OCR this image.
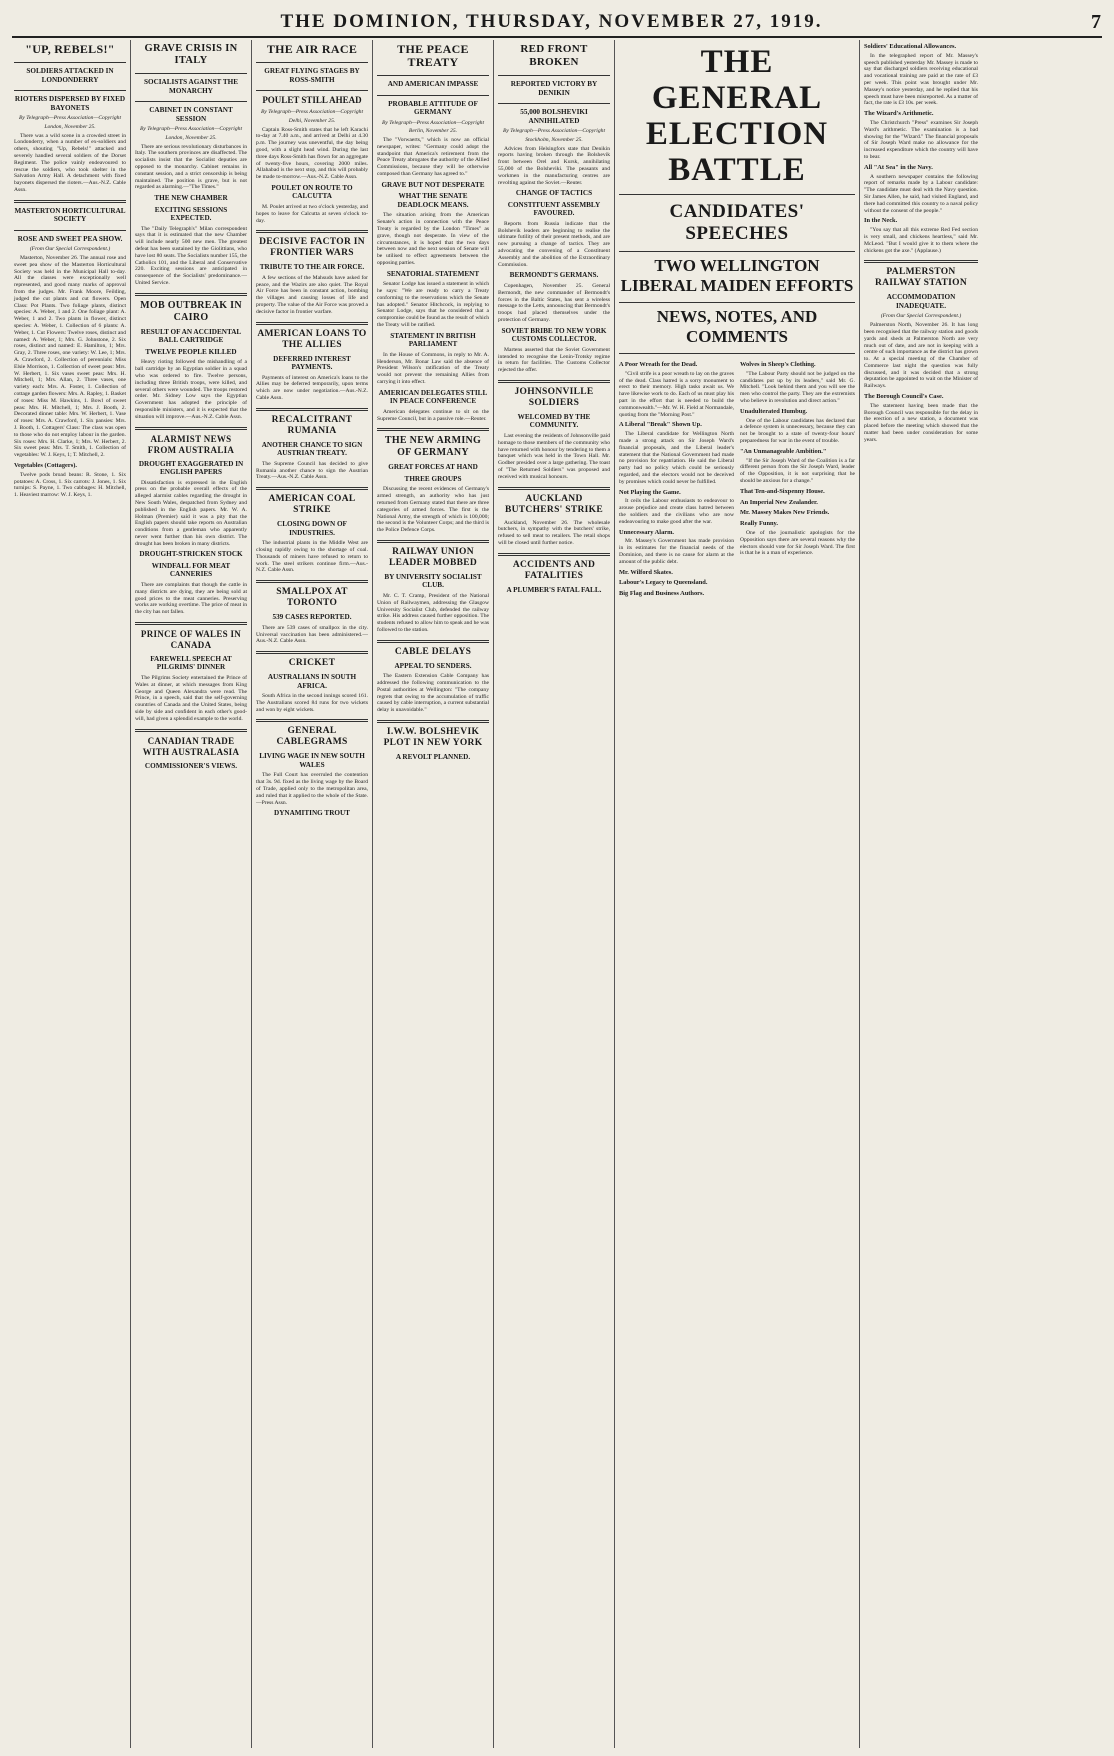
THE DOMINION, THURSDAY, NOVEMBER 27, 1919.	7
"UP, REBELS!"
SOLDIERS ATTACKED IN LONDONDERRY
RIOTERS DISPERSED BY FIXED BAYONETS
By Telegraph—Press Association—Copyright
London, November 25.

There was a wild scene in a crowded street in Londonderry, when a number of ex-soldiers and others, shouting "Up, Rebels!" attacked and severely handled several soldiers of the Dorset Regiment. The police vainly endeavoured to rescue the soldiers, who took shelter in the Salvation Army Hall. A detachment with fixed bayonets dispersed the rioters.—Aus.-N.Z. Cable Assn.

MASTERTON HORTICULTURAL SOCIETY
ROSE AND SWEET PEA SHOW.
(From Our Special Correspondent.)

Masterton, November 26. The annual rose and sweet pea show of the Masterton Horticultural Society was held in the Municipal Hall to-day. All the classes were exceptionally well represented, and good many marks of approval from the judges. Mr. Frank Moore, Feilding, judged the cut plants and cut flowers. Open Class: Pot Plants. Two foliage plants, distinct species: A. Weber, 1 and 2. One foliage plant: A. Weber, 1 and 2. Two plants in flower, distinct species: A. Weber, 1. Collection of 6 plants: A. Weber, 1. Cut Flowers: Twelve roses, distinct and named: A. Weber, 1; Mrs. G. Johnstone, 2. Six roses, distinct and named: E. Hamilton, 1; Mrs. Gray, 2. Three roses, one variety: W. Lee, 1; Mrs. A. Crawford, 2. Collection of perennials: Miss Elsie Morrison, 1. Collection of sweet peas: Mrs. W. Herbert, 1. Six vases sweet peas: Mrs. H. Mitchell, 1; Mrs. Allan, 2. Three vases, one variety each: Mrs. A. Foster, 1. Collection of cottage garden flowers: Mrs. A. Rapley, 1. Basket of roses: Miss M. Hawkins, 1. Bowl of sweet peas: Mrs. H. Mitchell, 1; Mrs. J. Booth, 2. Decorated dinner table: Mrs. W. Herbert, 1. Vase of roses: Mrs. A. Crawford, 1. Six pansies: Mrs. J. Booth, 1. Cottagers' Class: The class was open to those who do not employ labour in the garden. Six roses: Mrs. H. Clarke, 1; Mrs. W. Herbert, 2. Six sweet peas: Mrs. T. Smith, 1. Collection of vegetables: W. J. Keys, 1; T. Mitchell, 2.

Vegetables (Cottagers).

Twelve pods broad beans: R. Stone, 1. Six potatoes: A. Cross, 1. Six carrots: J. Jones, 1. Six turnips: S. Payne, 1. Two cabbages: H. Mitchell, 1. Heaviest marrow: W. J. Keys, 1.

GRAVE CRISIS IN ITALY
SOCIALISTS AGAINST THE MONARCHY
CABINET IN CONSTANT SESSION
By Telegraph—Press Association—Copyright
London, November 25.

There are serious revolutionary disturbances in Italy. The southern provinces are disaffected. The socialists insist that the Socialist deputies are opposed to the monarchy. Cabinet remains in constant session, and a strict censorship is being maintained. The position is grave, but is not regarded as alarming.—"The Times."

THE NEW CHAMBER
EXCITING SESSIONS EXPECTED.

The "Daily Telegraph's" Milan correspondent says that it is estimated that the new Chamber will include nearly 500 new men. The greatest defeat has been sustained by the Giolittians, who have lost 80 seats. The Socialists number 155, the Catholics 101, and the Liberal and Conservative 220. Exciting sessions are anticipated in consequence of the Socialists' predominance.—United Service.

MOB OUTBREAK IN CAIRO
RESULT OF AN ACCIDENTAL BALL CARTRIDGE
TWELVE PEOPLE KILLED

Heavy rioting followed the mishandling of a ball cartridge by an Egyptian soldier in a squad who was ordered to fire. Twelve persons, including three British troops, were killed, and several others were wounded. The troops restored order. Mr. Sidney Low says the Egyptian Government has adopted the principle of responsible ministers, and it is expected that the situation will improve.—Aus.-N.Z. Cable Assn.

ALARMIST NEWS FROM AUSTRALIA
DROUGHT EXAGGERATED IN ENGLISH PAPERS

Dissatisfaction is expressed in the English press on the probable overall effects of the alleged alarmist cables regarding the drought in New South Wales, despatched from Sydney and published in the English papers. Mr. W. A. Holman (Premier) said it was a pity that the English papers should take reports on Australian conditions from a gentleman who apparently never went further than his own district. The drought has been broken in many districts.

DROUGHT-STRICKEN STOCK
WINDFALL FOR MEAT CANNERIES

There are complaints that though the cattle in many districts are dying, they are being sold at good prices to the meat canneries. Preserving works are working overtime. The price of meat in the city has not fallen.

PRINCE OF WALES IN CANADA
FAREWELL SPEECH AT PILGRIMS' DINNER

The Pilgrims Society entertained the Prince of Wales at dinner, at which messages from King George and Queen Alexandra were read. The Prince, in a speech, said that the self-governing countries of Canada and the United States, being side by side and confident in each other's good-will, had given a splendid example to the world.

CANADIAN TRADE WITH AUSTRALASIA
COMMISSIONER'S VIEWS.
THE AIR RACE
GREAT FLYING STAGES BY ROSS-SMITH
POULET STILL AHEAD
By Telegraph—Press Association—Copyright
Delhi, November 25.

Captain Ross-Smith states that he left Karachi to-day at 7.40 a.m., and arrived at Delhi at 4.30 p.m. The journey was uneventful, the day being good, with a slight head wind. During the last three days Ross-Smith has flown for an aggregate of twenty-five hours, covering 2000 miles. Allahabad is the next stop, and this will probably be made to-morrow.—Aus.-N.Z. Cable Assn.

POULET ON ROUTE TO CALCUTTA

M. Poulet arrived at two o'clock yesterday, and hopes to leave for Calcutta at seven o'clock to-day.

DECISIVE FACTOR IN FRONTIER WARS
TRIBUTE TO THE AIR FORCE.

A few sections of the Mahsuds have asked for peace, and the Wazirs are also quiet. The Royal Air Force has been in constant action, bombing the villages and causing losses of life and property. The value of the Air Force was proved a decisive factor in frontier warfare.

AMERICAN LOANS TO THE ALLIES
DEFERRED INTEREST PAYMENTS.

Payments of interest on America's loans to the Allies may be deferred temporarily, upon terms which are now under negotiation.—Aus.-N.Z. Cable Assn.

RECALCITRANT RUMANIA
ANOTHER CHANCE TO SIGN AUSTRIAN TREATY.

The Supreme Council has decided to give Rumania another chance to sign the Austrian Treaty.—Aus.-N.Z. Cable Assn.

AMERICAN COAL STRIKE
CLOSING DOWN OF INDUSTRIES.

The industrial plants in the Middle West are closing rapidly owing to the shortage of coal. Thousands of miners have refused to return to work. The steel strikers continue firm.—Aus.-N.Z. Cable Assn.

SMALLPOX AT TORONTO
539 CASES REPORTED.

There are 539 cases of smallpox in the city. Universal vaccination has been administered.—Aus.-N.Z. Cable Assn.

CRICKET
AUSTRALIANS IN SOUTH AFRICA.

South Africa in the second innings scored 161. The Australians scored 84 runs for two wickets and won by eight wickets.

GENERAL CABLEGRAMS
LIVING WAGE IN NEW SOUTH WALES

The Full Court has overruled the contention that 3s. 9d. fixed as the living wage by the Board of Trade, applied only to the metropolitan area, and ruled that it applied to the whole of the State.—Press Assn.

DYNAMITING TROUT
THE PEACE TREATY
AND AMERICAN IMPASSE
PROBABLE ATTITUDE OF GERMANY
By Telegraph—Press Association—Copyright
Berlin, November 25.

The "Vorwaerts," which is now an official newspaper, writes: "Germany could adopt the standpoint that America's retirement from the Peace Treaty abrogates the authority of the Allied Commissions, because they will be otherwise composed than Germany has agreed to."

GRAVE BUT NOT DESPERATE
WHAT THE SENATE DEADLOCK MEANS.

The situation arising from the American Senate's action in connection with the Peace Treaty is regarded by the London "Times" as grave, though not desperate. In view of the circumstances, it is hoped that the two days between now and the next session of Senate will be utilised to effect agreements between the opposing parties.

SENATORIAL STATEMENT

Senator Lodge has issued a statement in which he says: "We are ready to carry a Treaty conforming to the reservations which the Senate has adopted." Senator Hitchcock, in replying to Senator Lodge, says that he considered that a compromise could be found as the result of which the Treaty will be ratified.

STATEMENT IN BRITISH PARLIAMENT

In the House of Commons, in reply to Mr. A. Henderson, Mr. Bonar Law said the absence of President Wilson's ratification of the Treaty would not prevent the remaining Allies from carrying it into effect.

AMERICAN DELEGATES STILL IN PEACE CONFERENCE

American delegates continue to sit on the Supreme Council, but in a passive role.—Reuter.

THE NEW ARMING OF GERMANY
GREAT FORCES AT HAND
THREE GROUPS

Discussing the recent evidences of Germany's armed strength, an authority who has just returned from Germany stated that there are three categories of armed forces. The first is the National Army, the strength of which is 100,000; the second is the Volunteer Corps; and the third is the Police Defence Corps.

RAILWAY UNION LEADER MOBBED
BY UNIVERSITY SOCIALIST CLUB.

Mr. C. T. Cramp, President of the National Union of Railwaymen, addressing the Glasgow University Socialist Club, defended the railway strike. His address caused further opposition. The students refused to allow him to speak and he was followed to the station.

CABLE DELAYS
APPEAL TO SENDERS.

The Eastern Extension Cable Company has addressed the following communication to the Postal authorities at Wellington: "The company regrets that owing to the accumulation of traffic caused by cable interruption, a current substantial delay is unavoidable."

I.W.W. BOLSHEVIK PLOT IN NEW YORK
A REVOLT PLANNED.
RED FRONT BROKEN
REPORTED VICTORY BY DENIKIN
55,000 BOLSHEVIKI ANNIHILATED
By Telegraph—Press Association—Copyright
Stockholm, November 25.

Advices from Helsingfors state that Denikin reports having broken through the Bolshevik front between Orel and Kursk, annihilating 55,000 of the Bolsheviki. The peasants and workmen in the manufacturing centres are revolting against the Soviet.—Reuter.

CHANGE OF TACTICS
CONSTITUENT ASSEMBLY FAVOURED.

Reports from Russia indicate that the Bolshevik leaders are beginning to realise the ultimate futility of their present methods, and are now pursuing a change of tactics. They are advocating the convening of a Constituent Assembly and the abolition of the Extraordinary Commission.

BERMONDT'S GERMANS.

Copenhagen, November 25. General Bermondt, the new commander of Bermondt's forces in the Baltic States, has sent a wireless message to the Letts, announcing that Bermondt's troops had placed themselves under the protection of Germany.

SOVIET BRIBE TO NEW YORK CUSTOMS COLLECTOR.

Martens asserted that the Soviet Government intended to recognise the Lenin-Trotsky regime in return for facilities. The Customs Collector rejected the offer.

JOHNSONVILLE SOLDIERS
WELCOMED BY THE COMMUNITY.

Last evening the residents of Johnsonville paid homage to those members of the community who have returned with honour by tendering to them a banquet which was held in the Town Hall. Mr. Godber presided over a large gathering. The toast of "The Returned Soldiers" was proposed and received with musical honours.

AUCKLAND BUTCHERS' STRIKE

Auckland, November 26. The wholesale butchers, in sympathy with the butchers' strike, refused to sell meat to retailers. The retail shops will be closed until further notice.

ACCIDENTS AND FATALITIES
A PLUMBER'S FATAL FALL.
THE GENERAL ELECTION BATTLE
CANDIDATES' SPEECHES
TWO WELLINGTON LIBERAL MAIDEN EFFORTS
NEWS, NOTES, AND COMMENTS
A Poor Wreath for the Dead.

"Civil strife is a poor wreath to lay on the graves of the dead. Class hatred is a sorry monument to erect to their memory. High tasks await us. We have likewise work to do. Each of us must play his part in the effort that is needed to build the commonwealth."—Mr. W. H. Field at Normandale, quoting from the "Morning Post."

A Liberal "Break" Shown Up.

The Liberal candidate for Wellington North made a strong attack on Sir Joseph Ward's financial proposals, and the Liberal leader's statement that the National Government had made no provision for repatriation. He said the Liberal party had no policy which could be seriously regarded, and the electors would not be deceived by promises which could never be fulfilled.

Not Playing the Game.

It ceils the Labour enthusiasts to endeavour to arouse prejudice and create class hatred between the soldiers and the civilians who are now endeavouring to make good after the war.

Unnecessary Alarm.

Mr. Massey's Government has made provision in its estimates for the financial needs of the Dominion, and there is no cause for alarm at the amount of the public debt.

Mr. Wilford Skates.
Labour's Legacy to Queensland.
Big Flag and Business Authors.
Wolves in Sheep's Clothing.

"The Labour Party should not be judged on the candidates put up by its leaders," said Mr. G. Mitchell. "Look behind them and you will see the men who control the party. They are the extremists who believe in revolution and direct action."

Unadulterated Humbug.

One of the Labour candidates has declared that a defence system is unnecessary, because they can not be brought to a state of twenty-four hours' preparedness for war in the event of trouble.

"An Unmanageable Ambition."

"If the Sir Joseph Ward of the Coalition is a far different person from the Sir Joseph Ward, leader of the Opposition, it is not surprising that he should be anxious for a change."

That Ten-and-Sixpenny House.
An Imperial New Zealander.
Mr. Massey Makes New Friends.
Really Funny.

One of the journalistic apologists for the Opposition says there are several reasons why the electors should vote for Sir Joseph Ward. The first is that he is a man of experience.

Soldiers' Educational Allowances.

In the telegraphed report of Mr. Massey's speech published yesterday Mr. Massey is made to say that discharged soldiers receiving educational and vocational training are paid at the rate of £3 per week. This point was brought under Mr. Massey's notice yesterday, and he replied that his speech must have been misreported. As a matter of fact, the rate is £3 10s. per week.

The Wizard's Arithmetic.

The Christchurch "Press" examines Sir Joseph Ward's arithmetic. The examination is a bad showing for the "Wizard." The financial proposals of Sir Joseph Ward make no allowance for the increased expenditure which the country will have to bear.

All "At Sea" in the Navy.

A southern newspaper contains the following report of remarks made by a Labour candidate: "The candidate must deal with the Navy question. Sir James Allen, he said, had visited England, and there had committed this country to a naval policy without the consent of the people."

In the Neck.

"You say that all this extreme Red Fed section is very small, and chickens heartless," said Mr. McLeod. "But I would give it to them where the chickens got the axe." (Applause.)

PALMERSTON RAILWAY STATION
ACCOMMODATION INADEQUATE.
(From Our Special Correspondent.)

Palmerston North, November 26. It has long been recognised that the railway station and goods yards and sheds at Palmerston North are very much out of date, and are not in keeping with a centre of such importance as the district has grown to. At a special meeting of the Chamber of Commerce last night the question was fully discussed, and it was decided that a strong deputation be appointed to wait on the Minister of Railways.

The Borough Council's Case.

The statement having been made that the Borough Council was responsible for the delay in the erection of a new station, a document was placed before the meeting which showed that the matter had been under consideration for some years.
